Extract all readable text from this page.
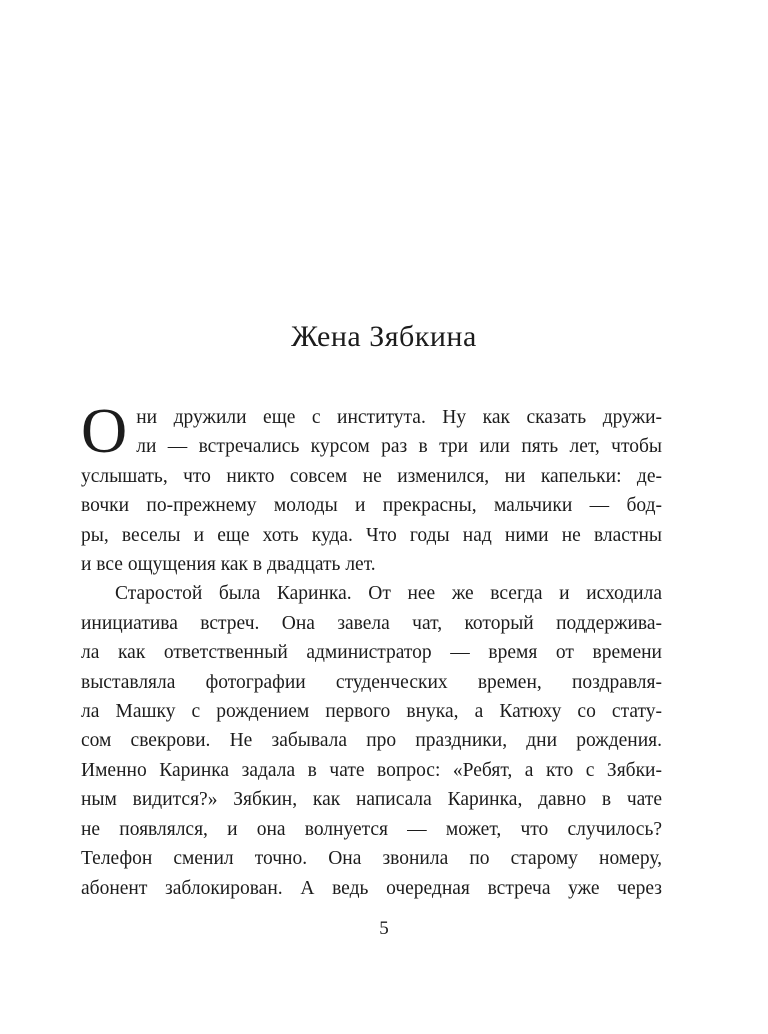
Жена Зябкина
О ни дружили еще с института. Ну как сказать дружи-
ли — встречались курсом раз в три или пять лет, чтобы
услышать, что никто совсем не изменился, ни капельки: де-
вочки по-прежнему молоды и прекрасны, мальчики — бод-
ры, веселы и еще хоть куда. Что годы над ними не властны
и все ощущения как в двадцать лет.
Старостой была Каринка. От нее же всегда и исходила
инициатива встреч. Она завела чат, который поддержива-
ла как ответственный администратор — время от времени
выставляла фотографии студенческих времен, поздравля-
ла Машку с рождением первого внука, а Катюху со стату-
сом свекрови. Не забывала про праздники, дни рождения.
Именно Каринка задала в чате вопрос: «Ребят, а кто с Зябки-
ным видится?» Зябкин, как написала Каринка, давно в чате
не появлялся, и она волнуется — может, что случилось?
Телефон сменил точно. Она звонила по старому номеру,
абонент заблокирован. А ведь очередная встреча уже через
5
